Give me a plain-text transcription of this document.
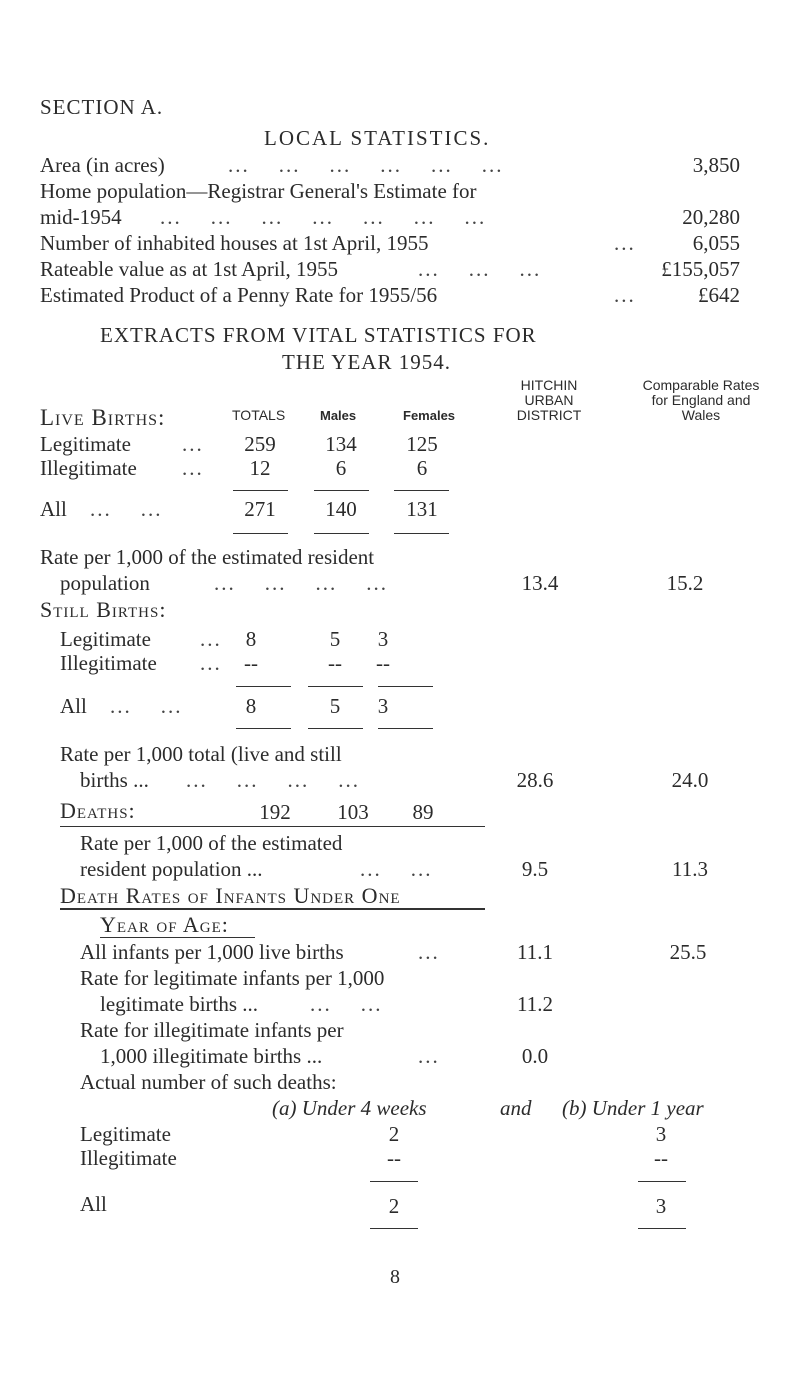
SECTION A.
LOCAL STATISTICS.
Area (in acres)	...    ...    ...    ...    ...    ...	3,850
Home population—Registrar General's Estimate for
mid-1954 ...    ...    ...    ...    ...    ...    ...	20,280
Number of inhabited houses at 1st April, 1955	...	6,055
Rateable value as at 1st April, 1955	...    ...    ...	£155,057
Estimated Product of a Penny Rate for 1955/56	...	£642
EXTRACTS FROM VITAL STATISTICS FOR
THE YEAR 1954.
TOTALS	Males	Females
HITCHIN
URBAN
DISTRICT
Comparable Rates
for England and
Wales
Live Births:
Legitimate ...	259	134	125
Illegitimate ...	12	6	6
All ...    ...	271	140	131
Rate per 1,000 of the estimated resident
population	...    ...    ...    ...	13.4	15.2
Still Births:
Legitimate ...	8	5	3
Illegitimate ...	--	--	--
All ...    ...	8	5	3
Rate per 1,000 total (live and still
births ... ...    ...    ...    ...	28.6	24.0
Deaths:	192	103	89
Rate per 1,000 of the estimated
resident population ...	...    ...	9.5	11.3
Death Rates of Infants Under One
Year of Age:
All infants per 1,000 live births	...	11.1	25.5
Rate for legitimate infants per 1,000
legitimate births ... ...    ...	11.2
Rate for illegitimate infants per
1,000 illegitimate births ...	...	0.0
Actual number of such deaths:
(a) Under 4 weeks	and (b) Under 1 year
Legitimate	2	3
Illegitimate	--	--
All	2	3
8
